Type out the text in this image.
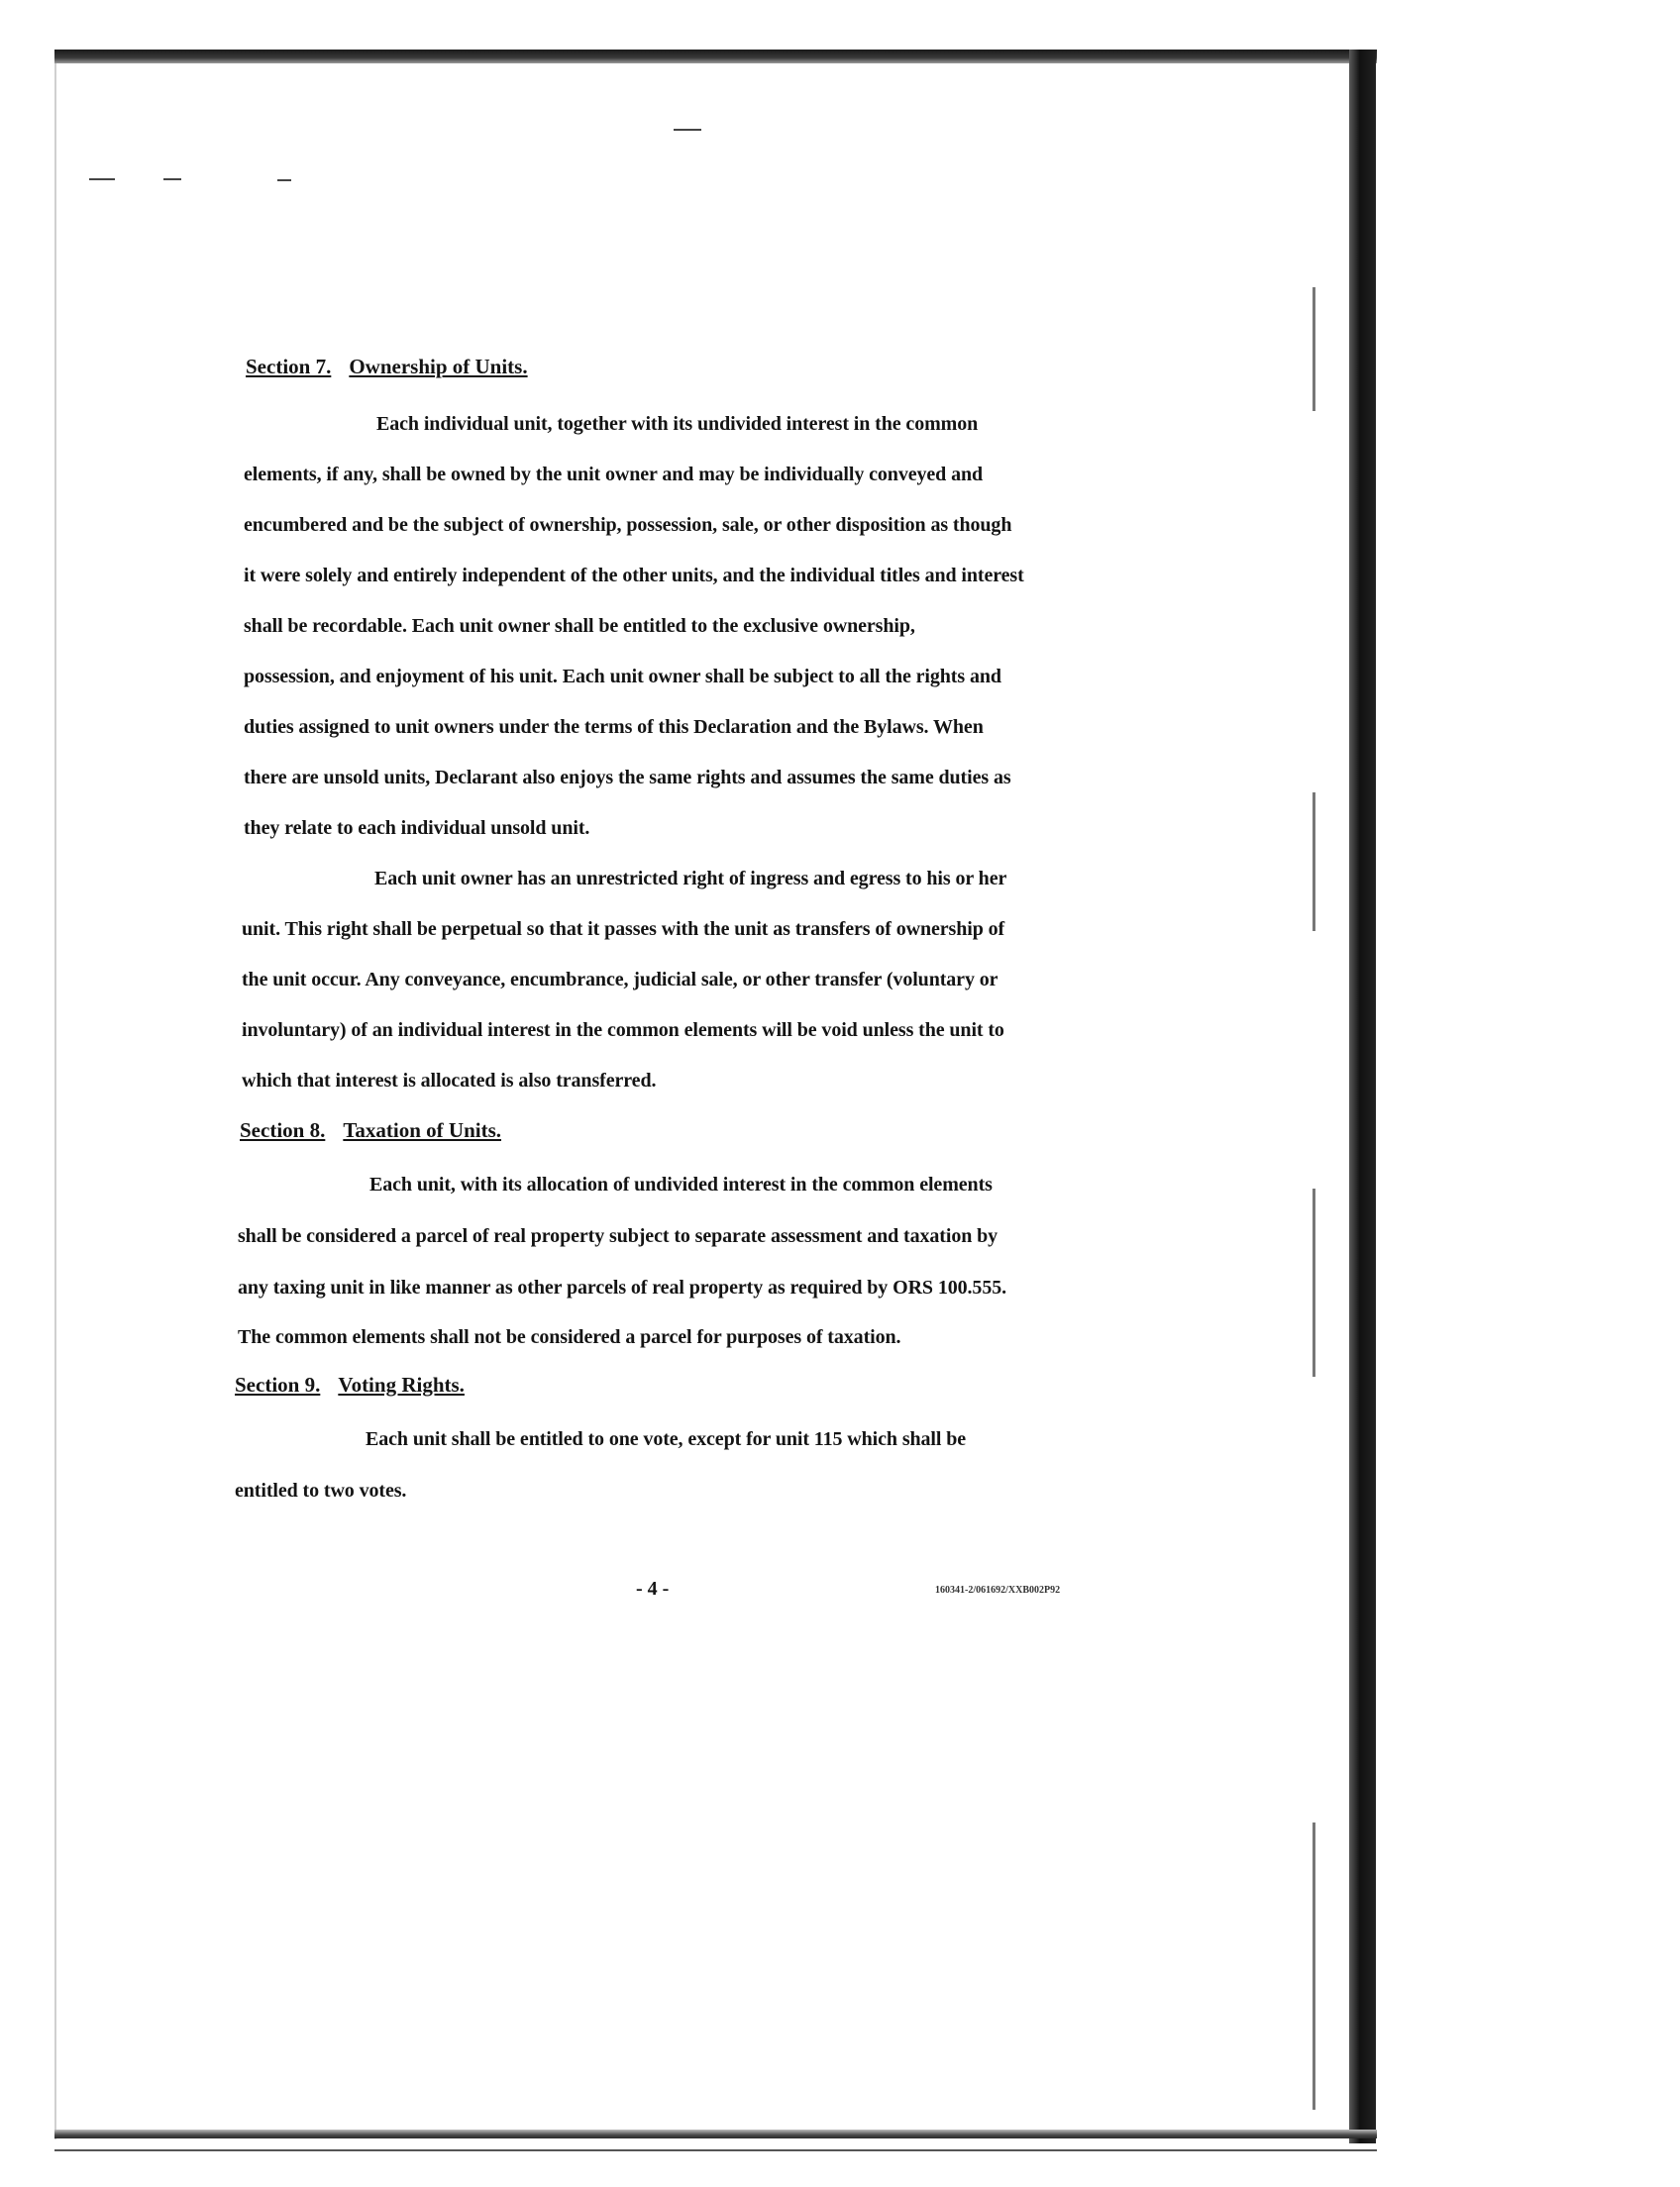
Section 7. Ownership of Units.
Each individual unit, together with its undivided interest in the common
elements, if any, shall be owned by the unit owner and may be individually conveyed and
encumbered and be the subject of ownership, possession, sale, or other disposition as though
it were solely and entirely independent of the other units, and the individual titles and interest
shall be recordable. Each unit owner shall be entitled to the exclusive ownership,
possession, and enjoyment of his unit. Each unit owner shall be subject to all the rights and
duties assigned to unit owners under the terms of this Declaration and the Bylaws. When
there are unsold units, Declarant also enjoys the same rights and assumes the same duties as
they relate to each individual unsold unit.
Each unit owner has an unrestricted right of ingress and egress to his or her
unit. This right shall be perpetual so that it passes with the unit as transfers of ownership of
the unit occur. Any conveyance, encumbrance, judicial sale, or other transfer (voluntary or
involuntary) of an individual interest in the common elements will be void unless the unit to
which that interest is allocated is also transferred.
Section 8. Taxation of Units.
Each unit, with its allocation of undivided interest in the common elements
shall be considered a parcel of real property subject to separate assessment and taxation by
any taxing unit in like manner as other parcels of real property as required by ORS 100.555.
The common elements shall not be considered a parcel for purposes of taxation.
Section 9. Voting Rights.
Each unit shall be entitled to one vote, except for unit 115 which shall be
entitled to two votes.
- 4 -	160341-2/061692/XXB002P92
